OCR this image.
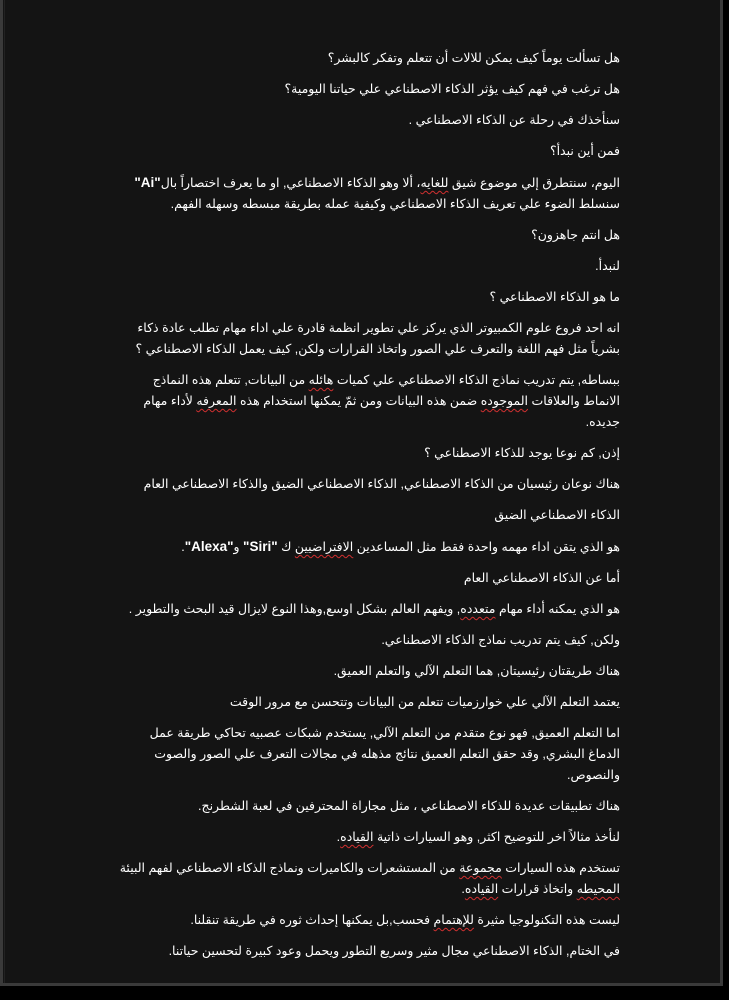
هل تسألت يوماً كيف يمكن للالات أن تتعلم وتفكر كالبشر؟

هل ترغب في فهم كيف يؤثر الذكاء الاصطناعي علي حياتنا اليومية؟

سنأخذك في رحلة عن الذكاء الاصطناعي .

فمن أين نبدأ؟

اليوم، سنتطرق إلي موضوع شيق للغايه، ألا وهو الذكاء الاصطناعي, او ما يعرف اختصاراً بال"Ai" سنسلط الضوء علي تعريف الذكاء الاصطناعي وكيفية عمله بطريقة مبسطه وسهله الفهم.

هل انتم جاهزون؟

لنبدأ.

ما هو الذكاء الاصطناعي ؟

انه احد فروع علوم الكمبيوتر الذي يركز علي تطوير انظمة قادرة علي اداء مهام تطلب عادة ذكاء بشرياً مثل فهم اللغة والتعرف علي الصور واتخاذ القرارات ولكن, كيف يعمل الذكاء الاصطناعي ؟

ببساطه, يتم تدريب نماذج الذكاء الاصطناعي علي كميات هائله من البيانات, تتعلم هذه النماذج الانماط والعلاقات الموجوده ضمن هذه البيانات ومن ثمّ يمكنها استخدام هذه المعرفه لأداء مهام جديده.

إذن, كم نوعا يوجد للذكاء الاصطناعي ؟

هناك نوعان رئيسيان من الذكاء الاصطناعي, الذكاء الاصطناعي الضيق والذكاء الاصطناعي العام

الذكاء الاصطناعي الضيق

هو الذي يتقن اداء مهمه واحدة فقط مثل المساعدين الافتراضيين ك "Siri" و"Alexa".

أما عن الذكاء الاصطناعي العام

هو الذي يمكنه أداء مهام متعدده, ويفهم العالم بشكل اوسع,وهذا النوع لايزال قيد البحث والتطوير .

ولكن, كيف يتم تدريب نماذج الذكاء الاصطناعي.

هناك طريقتان رئيسيتان, هما التعلم الآلي والتعلم العميق.

يعتمد التعلم الآلي علي خوارزميات تتعلم من البيانات وتتحسن مع مرور الوقت

اما التعلم العميق, فهو نوع متقدم من التعلم الآلي, يستخدم شبكات عصبيه تحاكي طريقة عمل الدماغ البشري, وقد حقق التعلم العميق نتائج مذهله في مجالات التعرف علي الصور والصوت والنصوص.

هناك تطبيقات عديدة للذكاء الاصطناعي ، مثل مجاراة المحترفين في لعبة الشطرنج.

لنأخذ مثالاً اخر للتوضيح اكثر, وهو السيارات ذاتية القياده.

تستخدم هذه السيارات مجموعة من المستشعرات والكاميرات ونماذج الذكاء الاصطناعي لفهم البيئة المحيطه واتخاذ قرارات القياده.

ليست هذه التكنولوجيا مثيرة للإهتمام فحسب,بل يمكنها إحداث ثوره في طريقة تنقلنا.

في الختام, الذكاء الاصطناعي مجال مثير وسريع التطور ويحمل وعود كبيرة لتحسين حياتنا.
